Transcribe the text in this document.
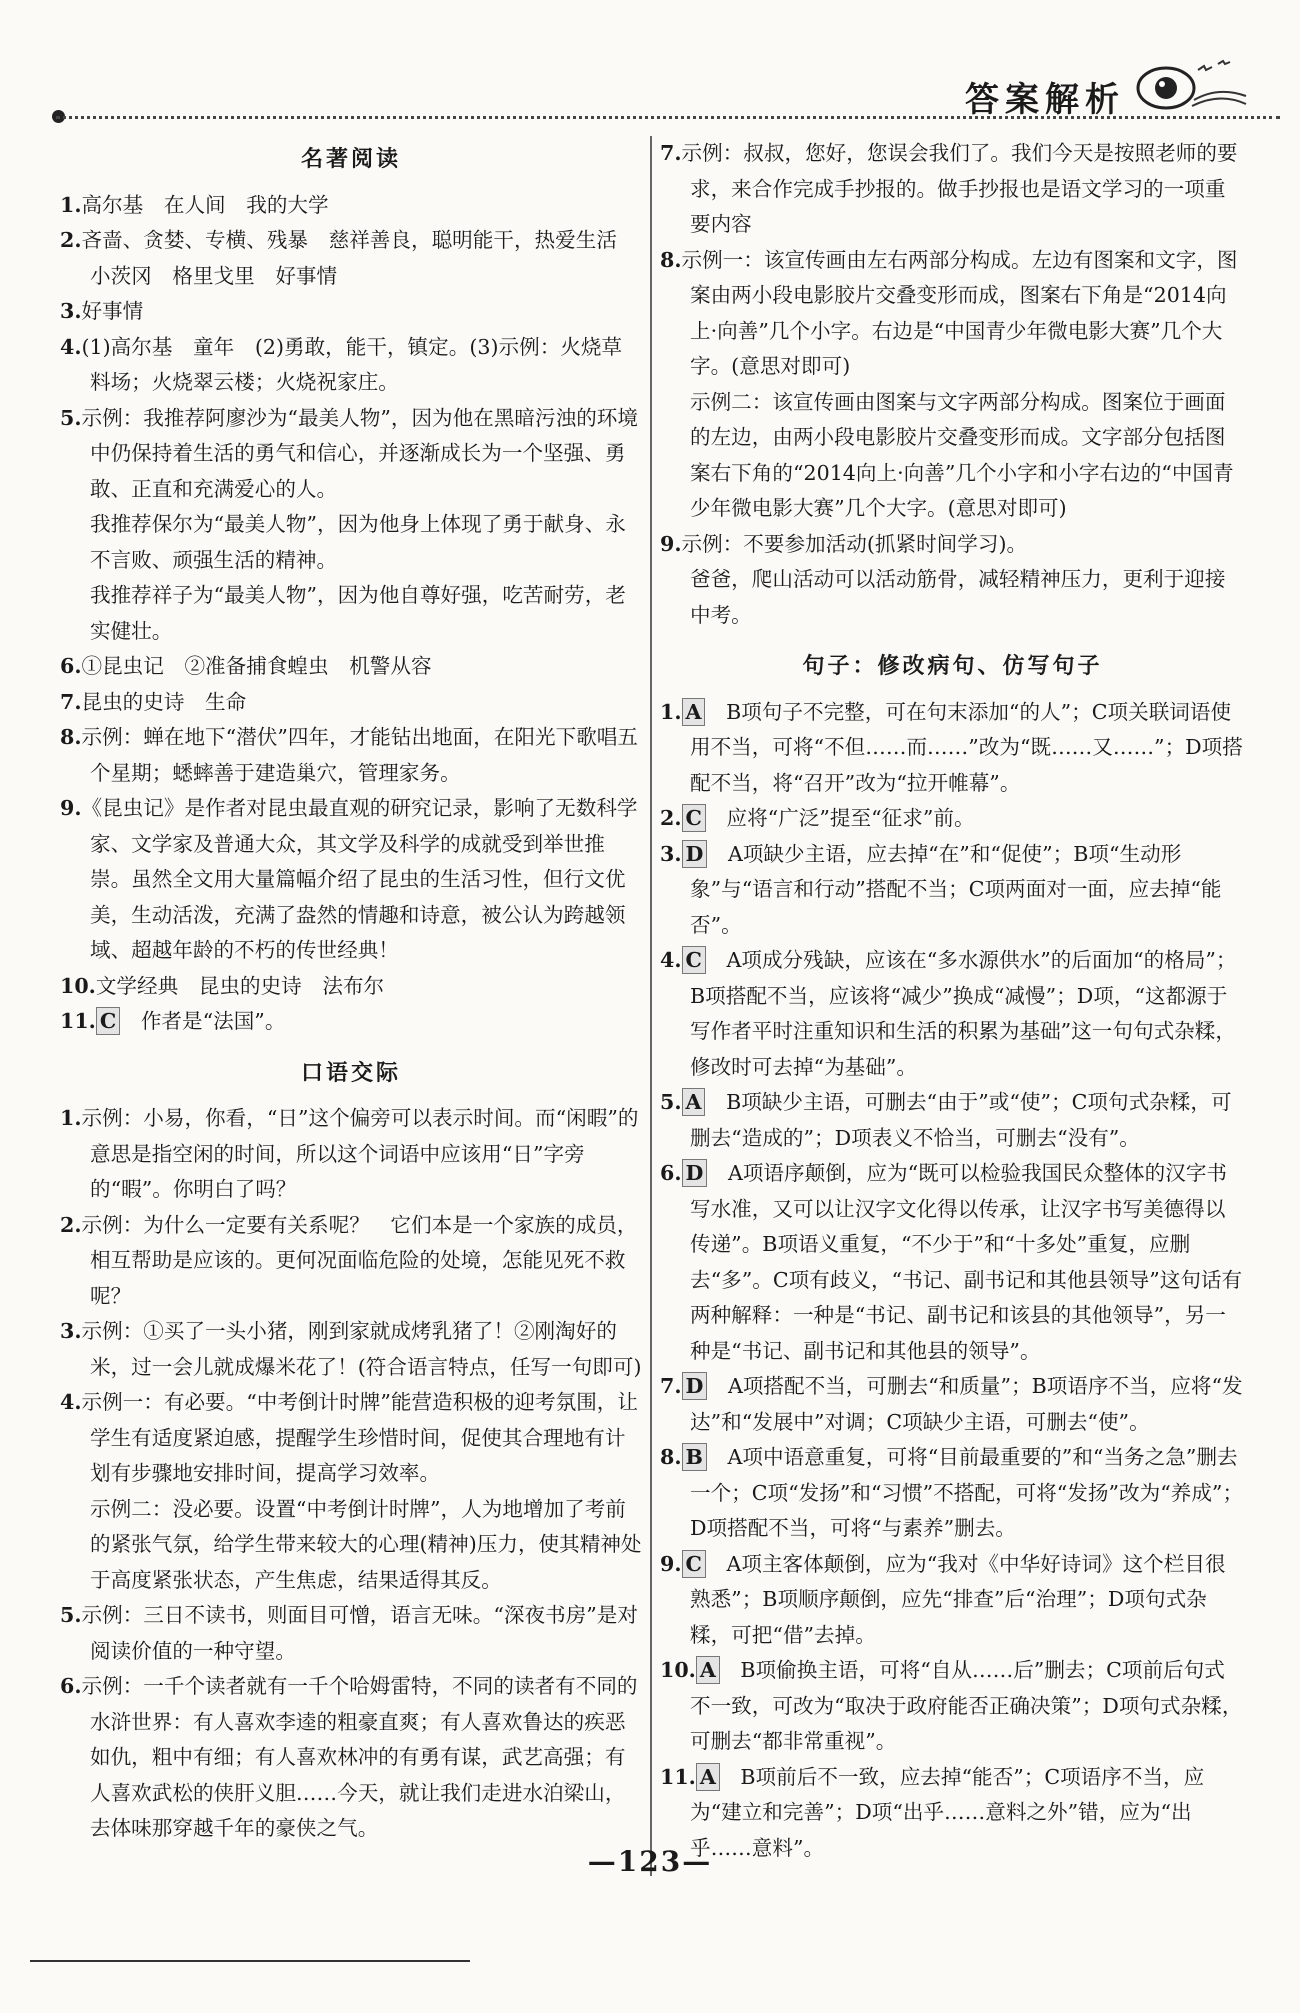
答案解析
名著阅读
1.高尔基　在人间　我的大学
2.吝啬、贪婪、专横、残暴　慈祥善良，聪明能干，热爱生活
小茨冈　格里戈里　好事情
3.好事情
4.(1)高尔基　童年　(2)勇敢，能干，镇定。(3)示例：火烧草料场；火烧翠云楼；火烧祝家庄。
5.示例：我推荐阿廖沙为“最美人物”，因为他在黑暗污浊的环境中仍保持着生活的勇气和信心，并逐渐成长为一个坚强、勇敢、正直和充满爱心的人。
我推荐保尔为“最美人物”，因为他身上体现了勇于献身、永不言败、顽强生活的精神。
我推荐祥子为“最美人物”，因为他自尊好强，吃苦耐劳，老实健壮。
6.①昆虫记　②准备捕食蝗虫　机警从容
7.昆虫的史诗　生命
8.示例：蝉在地下“潜伏”四年，才能钻出地面，在阳光下歌唱五个星期；蟋蟀善于建造巢穴，管理家务。
9.《昆虫记》是作者对昆虫最直观的研究记录，影响了无数科学家、文学家及普通大众，其文学及科学的成就受到举世推崇。虽然全文用大量篇幅介绍了昆虫的生活习性，但行文优美，生动活泼，充满了盎然的情趣和诗意，被公认为跨越领域、超越年龄的不朽的传世经典！
10.文学经典　昆虫的史诗　法布尔
11. C　 作者是“法国”。
口语交际
1.示例：小易，你看，“日”这个偏旁可以表示时间。而“闲暇”的意思是指空闲的时间，所以这个词语中应该用“日”字旁的“暇”。你明白了吗？
2.示例：为什么一定要有关系呢？　它们本是一个家族的成员，相互帮助是应该的。更何况面临危险的处境，怎能见死不救呢？
3.示例：①买了一头小猪，刚到家就成烤乳猪了！②刚淘好的米，过一会儿就成爆米花了！(符合语言特点，任写一句即可)
4.示例一：有必要。“中考倒计时牌”能营造积极的迎考氛围，让学生有适度紧迫感，提醒学生珍惜时间，促使其合理地有计划有步骤地安排时间，提高学习效率。
示例二：没必要。设置“中考倒计时牌”，人为地增加了考前的紧张气氛，给学生带来较大的心理(精神)压力，使其精神处于高度紧张状态，产生焦虑，结果适得其反。
5.示例：三日不读书，则面目可憎，语言无味。“深夜书房”是对阅读价值的一种守望。
6.示例：一千个读者就有一千个哈姆雷特，不同的读者有不同的水浒世界：有人喜欢李逵的粗豪直爽；有人喜欢鲁达的疾恶如仇，粗中有细；有人喜欢林冲的有勇有谋，武艺高强；有人喜欢武松的侠肝义胆……今天，就让我们走进水泊梁山，去体味那穿越千年的豪侠之气。
7.示例：叔叔，您好，您误会我们了。我们今天是按照老师的要求，来合作完成手抄报的。做手抄报也是语文学习的一项重要内容
8.示例一：该宣传画由左右两部分构成。左边有图案和文字，图案由两小段电影胶片交叠变形而成，图案右下角是“2014向上·向善”几个小字。右边是“中国青少年微电影大赛”几个大字。(意思对即可)
示例二：该宣传画由图案与文字两部分构成。图案位于画面的左边，由两小段电影胶片交叠变形而成。文字部分包括图案右下角的“2014向上·向善”几个小字和小字右边的“中国青少年微电影大赛”几个大字。(意思对即可)
9.示例：不要参加活动(抓紧时间学习)。
爸爸，爬山活动可以活动筋骨，减轻精神压力，更利于迎接中考。
句子：修改病句、仿写句子
1. A　 B项句子不完整，可在句末添加“的人”；C项关联词语使用不当，可将“不但……而……”改为“既……又……”；D项搭配不当，将“召开”改为“拉开帷幕”。
2. C　 应将“广泛”提至“征求”前。
3. D　 A项缺少主语，应去掉“在”和“促使”；B项“生动形象”与“语言和行动”搭配不当；C项两面对一面，应去掉“能否”。
4. C　 A项成分残缺，应该在“多水源供水”的后面加“的格局”；B项搭配不当，应该将“减少”换成“减慢”；D项，“这都源于写作者平时注重知识和生活的积累为基础”这一句句式杂糅，修改时可去掉“为基础”。
5. A　 B项缺少主语，可删去“由于”或“使”；C项句式杂糅，可删去“造成的”；D项表义不恰当，可删去“没有”。
6. D　 A项语序颠倒，应为“既可以检验我国民众整体的汉字书写水准，又可以让汉字文化得以传承，让汉字书写美德得以传递”。B项语义重复，“不少于”和“十多处”重复，应删去“多”。C项有歧义，“书记、副书记和其他县领导”这句话有两种解释：一种是“书记、副书记和该县的其他领导”，另一种是“书记、副书记和其他县的领导”。
7. D　 A项搭配不当，可删去“和质量”；B项语序不当，应将“发达”和“发展中”对调；C项缺少主语，可删去“使”。
8. B　 A项中语意重复，可将“目前最重要的”和“当务之急”删去一个；C项“发扬”和“习惯”不搭配，可将“发扬”改为“养成”；D项搭配不当，可将“与素养”删去。
9. C　 A项主客体颠倒，应为“我对《中华好诗词》这个栏目很熟悉”；B项顺序颠倒，应先“排查”后“治理”；D项句式杂糅，可把“借”去掉。
10. A　 B项偷换主语，可将“自从……后”删去；C项前后句式不一致，可改为“取决于政府能否正确决策”；D项句式杂糅，可删去“都非常重视”。
11. A　 B项前后不一致，应去掉“能否”；C项语序不当，应为“建立和完善”；D项“出乎……意料之外”错，应为“出乎……意料”。
—123—
